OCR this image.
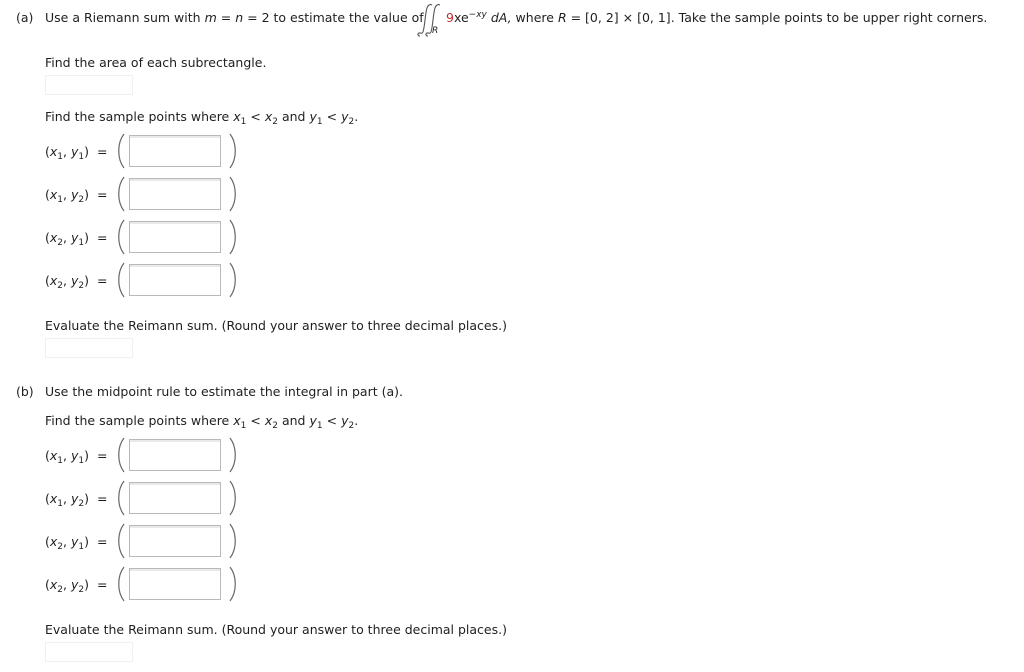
(a) Use a Riemann sum with m = n = 2 to estimate the value of
R
$9xe^{-xy}$ dA, where R = [0, 2] × [0, 1]. Take the sample points to be upper right corners.
Find the area of each subrectangle.
Find the sample points where $x_1 < x_2$ and $y_1 < y_2$.
($x_1$, $y_1$)  =
($x_1$, $y_2$)  =
($x_2$, $y_1$)  =
($x_2$, $y_2$)  =
Evaluate the Reimann sum. (Round your answer to three decimal places.)
(b) Use the midpoint rule to estimate the integral in part (a).
Find the sample points where $x_1 < x_2$ and $y_1 < y_2$.
($x_1$, $y_1$)  =
($x_1$, $y_2$)  =
($x_2$, $y_1$)  =
($x_2$, $y_2$)  =
Evaluate the Reimann sum. (Round your answer to three decimal places.)
